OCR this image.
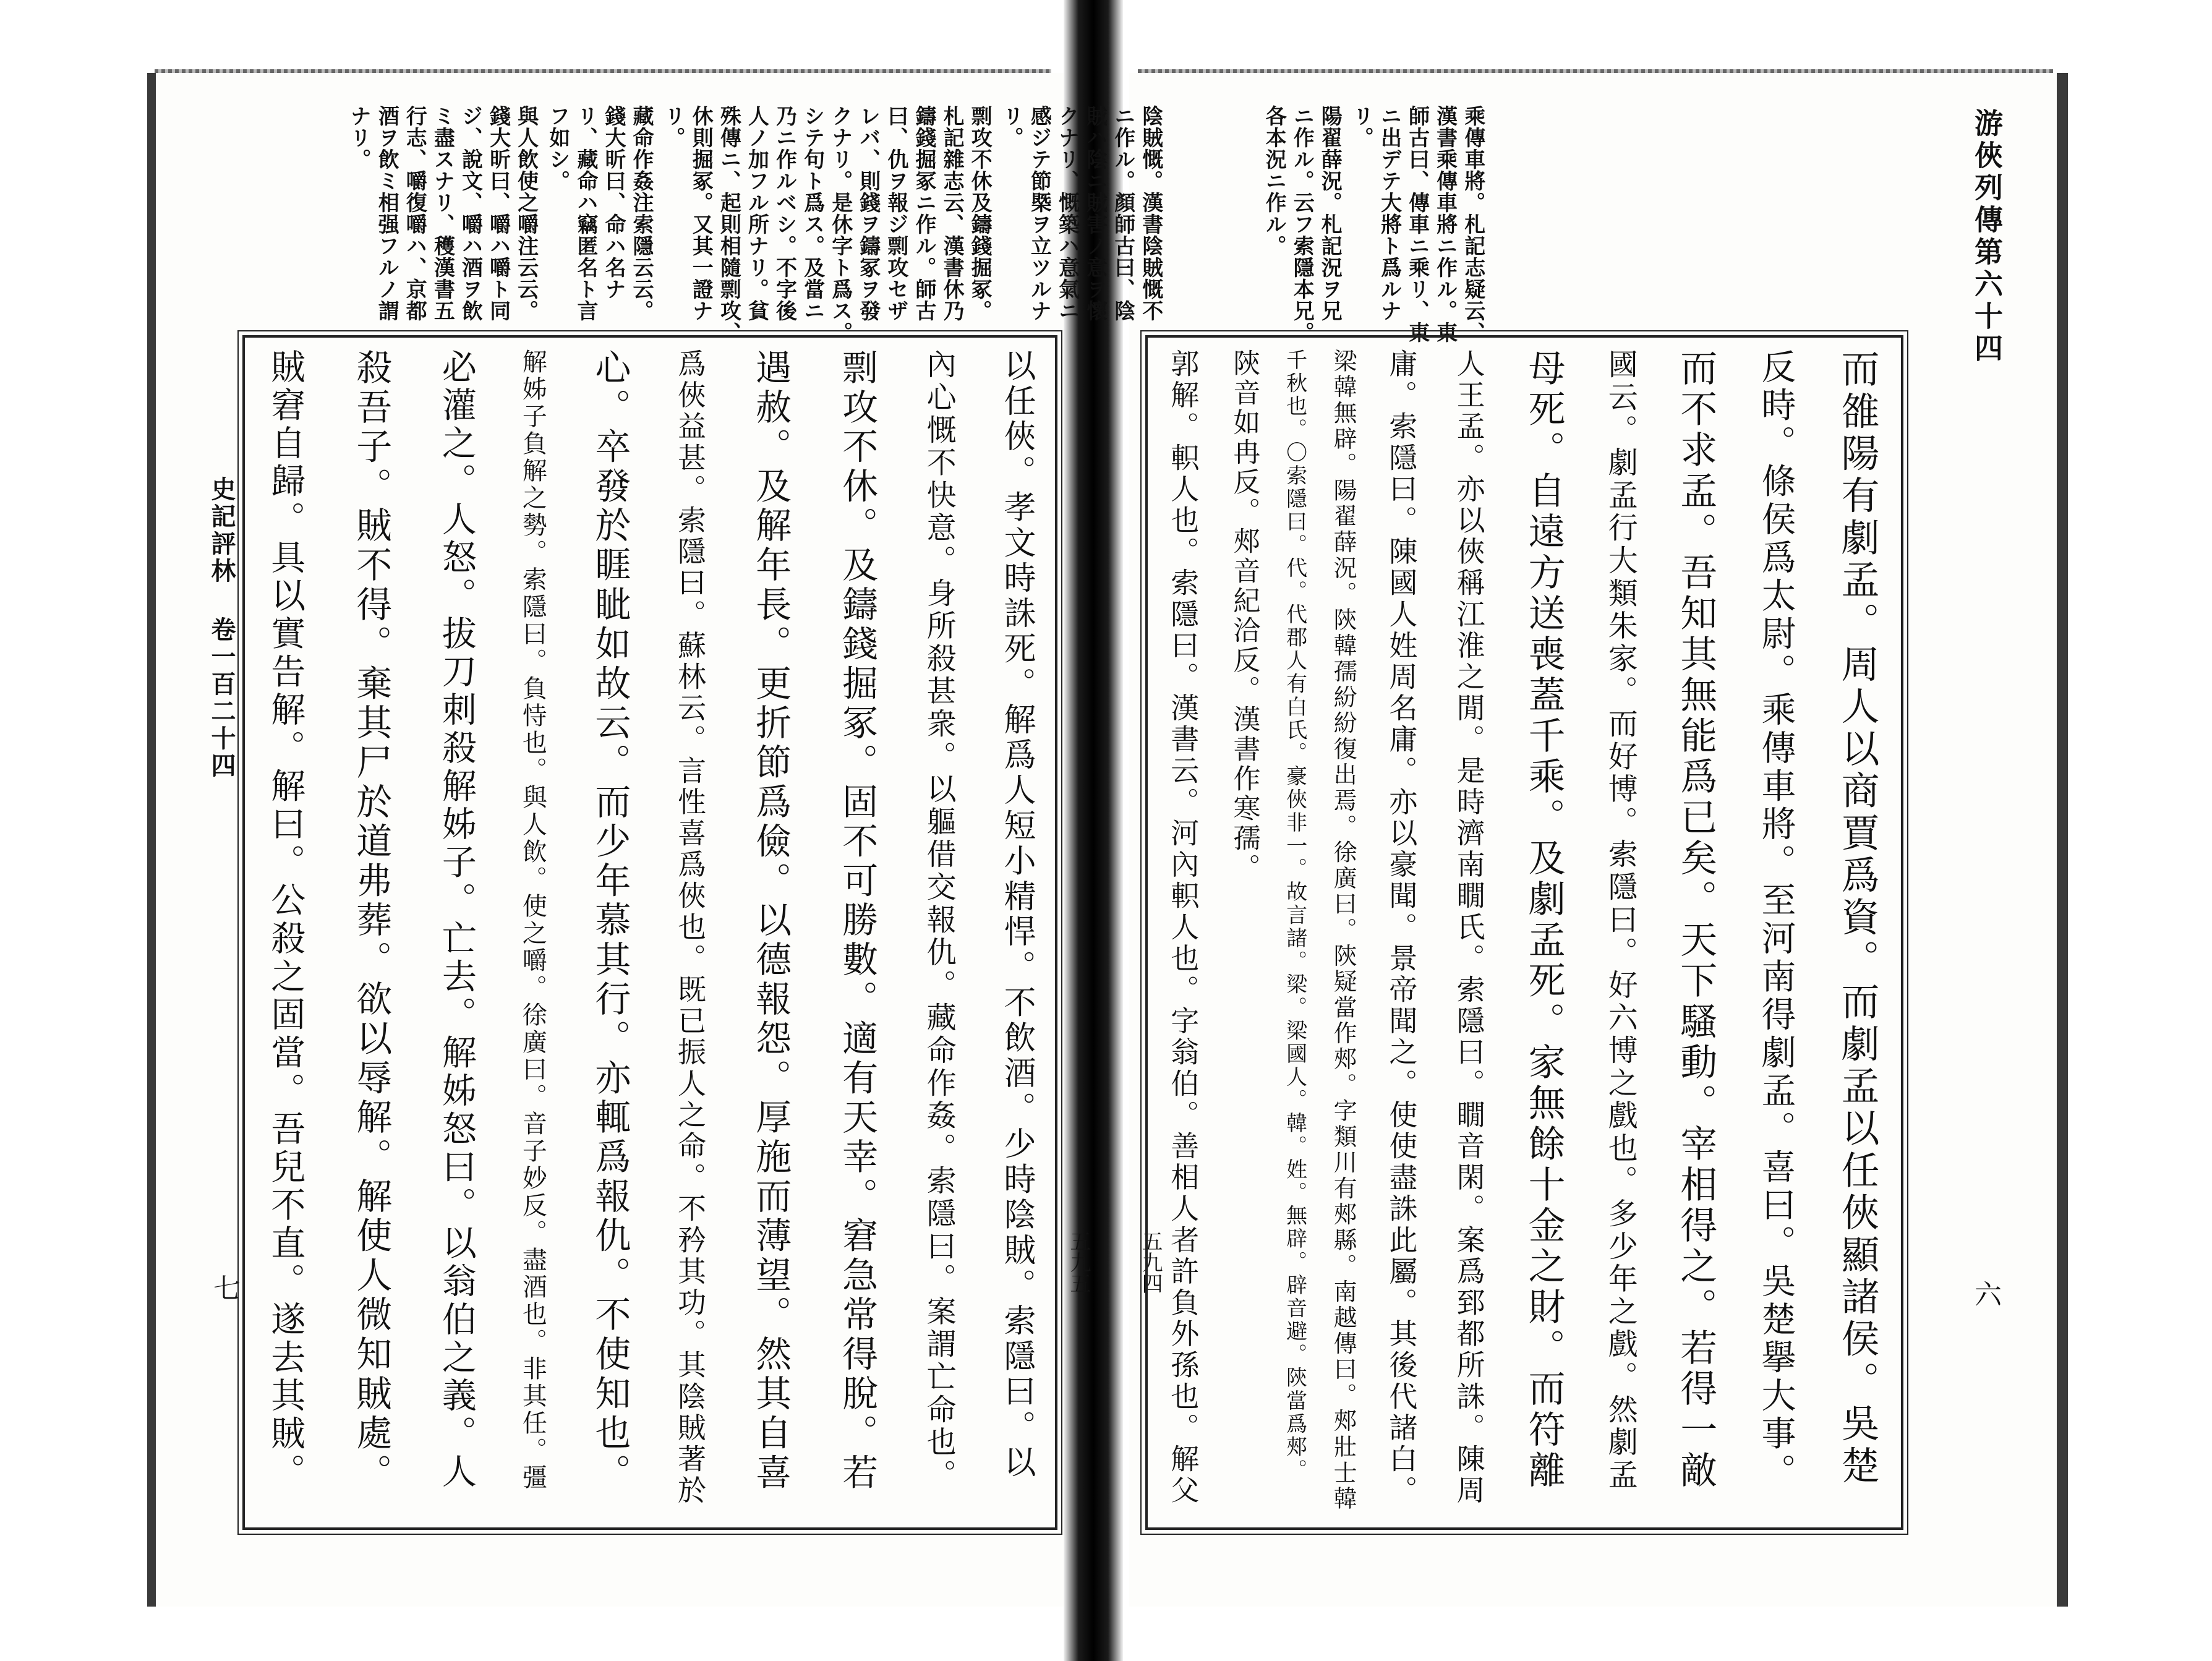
游俠列傳第六十四
六
五九四
乘傳車將。札記志疑云、
漢書乘傳車將ニ作ル。東
師古曰、傳車ニ乘リ、東
ニ出デテ大將ト爲ルナ
リ。
陽翟薛況。札記況ヲ兄
ニ作ル。云フ索隱本兄。
各本況ニ作ル。
而雒陽有劇孟。周人以商賈爲資。而劇孟以任俠顯諸侯。吳楚
反時。條侯爲太尉。乘傳車將。至河南得劇孟。喜曰。吳楚擧大事。
而不求孟。吾知其無能爲已矣。天下騷動。宰相得之。若得一敵
國云。劇孟行大類朱家。而好博。索隱曰。好六博之戲也。多少年之戲。然劇孟
母死。自遠方送喪蓋千乘。及劇孟死。家無餘十金之財。而符離
人王孟。亦以俠稱江淮之閒。是時濟南瞯氏。索隱曰。瞯音閑。案爲郅都所誅。陳周
庸。索隱曰。陳國人姓周名庸。亦以豪聞。景帝聞之。使使盡誅此屬。其後代諸白。
梁韓無辟。陽翟薛況。陝韓孺紛紛復出焉。徐廣曰。陝疑當作郟。字類川有郟縣。南越傳曰。郟壯士韓
千秋也。〇索隱曰。代。代郡人有白氏。豪俠非一。故言諸。梁。梁國人。韓。姓。無辟。辟音避。陝當爲郟。
陝音如冉反。郟音紀洽反。漢書作寒孺。
郭解。軹人也。索隱曰。漢書云。河內軹人也。字翁伯。善相人者許負外孫也。解父
史記評林 卷一百二十四
七	五九五
陰賊慨。漢書陰賊慨不
ニ作ル。顏師古曰、陰
賊ハ陰ニ賊害ノ意ヲ懷
クナリ、慨築ハ意氣ニ
感ジテ節槩ヲ立ツルナ
リ。
剽攻不休及鑄錢掘冢。
札記雜志云、漢書休乃
鑄錢掘冢ニ作ル。師古
曰、仇ヲ報ジ剽攻セザ
レバ、則錢ヲ鑄冢ヲ發
クナリ。是休字ト爲ス。
シテ句ト爲ス。及當ニ
乃ニ作ルベシ。不字後
人ノ加フル所ナリ。貧
殊傳ニ、起則相隨剽攻、
休則掘冢。又其一證ナ
リ。
藏命作姦注索隱云云。
錢大昕曰、命ハ名ナ
リ、藏命ハ竊匿名ト言
フ如シ。
與人飲使之嚼注云云。
錢大昕曰、嚼ハ嚼ト同
ジ、說文、嚼ハ酒ヲ飲
ミ盡スナリ、穫漢書五
行志、嚼復嚼ハ、京都
酒ヲ飲ミ相强フルノ謂
ナリ。
以任俠。孝文時誅死。解爲人短小精悍。不飲酒。少時陰賊。索隱曰。以
內心慨不快意。身所殺甚衆。以軀借交報仇。藏命作姦。索隱曰。案謂亡命也。
剽攻不休。及鑄錢掘冢。固不可勝數。適有天幸。窘急常得脫。若
遇赦。及解年長。更折節爲儉。以德報怨。厚施而薄望。然其自喜
爲俠益甚。索隱曰。蘇林云。言性喜爲俠也。既已振人之命。不矜其功。其陰賊著於
心。卒發於睚眦如故云。而少年慕其行。亦輒爲報仇。不使知也。
解姊子負解之勢。索隱曰。負恃也。與人飲。使之嚼。徐廣曰。音子妙反。盡酒也。非其任。彊
必灌之。人怒。拔刀刺殺解姊子。亡去。解姊怒曰。以翁伯之義。人
殺吾子。賊不得。棄其尸於道弗葬。欲以辱解。解使人微知賊處。
賊窘自歸。具以實告解。解曰。公殺之固當。吾兒不直。遂去其賊。
